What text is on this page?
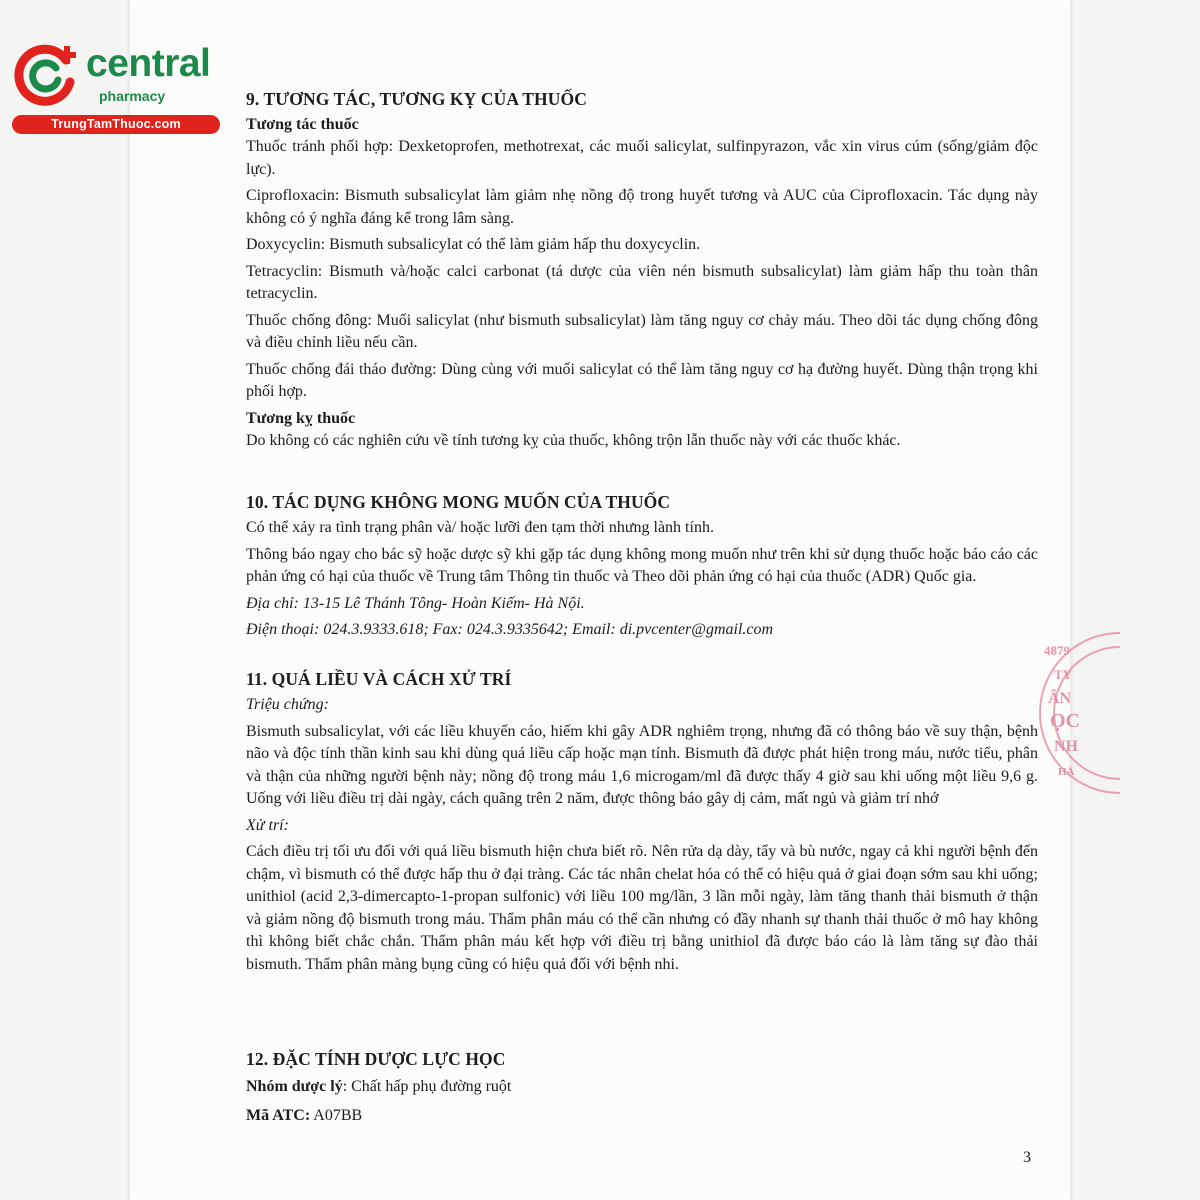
central
pharmacy
TrungTamThuoc.com
4879
TY
ÂN
ỌC
NH
HÀ

9. TƯƠNG TÁC, TƯƠNG KỴ CỦA THUỐC

Tương tác thuốc

Thuốc tránh phối hợp: Dexketoprofen, methotrexat, các muối salicylat, sulfinpyrazon, vắc xin virus cúm (sống/giảm độc lực).

Ciprofloxacin: Bismuth subsalicylat làm giảm nhẹ nồng độ trong huyết tương và AUC của Ciprofloxacin. Tác dụng này không có ý nghĩa đáng kể trong lâm sàng.

Doxycyclin: Bismuth subsalicylat có thể làm giảm hấp thu doxycyclin.

Tetracyclin: Bismuth và/hoặc calci carbonat (tá dược của viên nén bismuth subsalicylat) làm giảm hấp thu toàn thân tetracyclin.

Thuốc chống đông: Muối salicylat (như bismuth subsalicylat) làm tăng nguy cơ chảy máu. Theo dõi tác dụng chống đông và điều chỉnh liều nếu cần.

Thuốc chống đái tháo đường: Dùng cùng với muối salicylat có thể làm tăng nguy cơ hạ đường huyết. Dùng thận trọng khi phối hợp.

Tương kỵ thuốc

Do không có các nghiên cứu về tính tương kỵ của thuốc, không trộn lẫn thuốc này với các thuốc khác.

10. TÁC DỤNG KHÔNG MONG MUỐN CỦA THUỐC

Có thể xảy ra tình trạng phân và/ hoặc lưỡi đen tạm thời nhưng lành tính.

Thông báo ngay cho bác sỹ hoặc dược sỹ khi gặp tác dụng không mong muốn như trên khi sử dụng thuốc hoặc báo cáo các phản ứng có hại của thuốc về Trung tâm Thông tin thuốc và Theo dõi phản ứng có hại của thuốc (ADR) Quốc gia.

Địa chỉ: 13-15 Lê Thánh Tông- Hoàn Kiếm- Hà Nội.

Điện thoại: 024.3.9333.618; Fax: 024.3.9335642; Email: di.pvcenter@gmail.com

11. QUÁ LIỀU VÀ CÁCH XỬ TRÍ

Triệu chứng:

Bismuth subsalicylat, với các liều khuyến cáo, hiếm khi gây ADR nghiêm trọng, nhưng đã có thông báo về suy thận, bệnh não và độc tính thần kinh sau khi dùng quá liều cấp hoặc mạn tính. Bismuth đã được phát hiện trong máu, nước tiểu, phân và thận của những người bệnh này; nồng độ trong máu 1,6 microgam/ml đã được thấy 4 giờ sau khi uống một liều 9,6 g. Uống với liều điều trị dài ngày, cách quãng trên 2 năm, được thông báo gây dị cảm, mất ngủ và giảm trí nhớ

Xử trí:

Cách điều trị tối ưu đối với quá liều bismuth hiện chưa biết rõ. Nên rửa dạ dày, tẩy và bù nước, ngay cả khi người bệnh đến chậm, vì bismuth có thể được hấp thu ở đại tràng. Các tác nhân chelat hóa có thể có hiệu quả ở giai đoạn sớm sau khi uống; unithiol (acid 2,3-dimercapto-1-propan sulfonic) với liều 100 mg/lần, 3 lần mỗi ngày, làm tăng thanh thải bismuth ở thận và giảm nồng độ bismuth trong máu. Thẩm phân máu có thể cần nhưng có đầy nhanh sự thanh thải thuốc ở mô hay không thì không biết chắc chắn. Thẩm phân máu kết hợp với điều trị bằng unithiol đã được báo cáo là làm tăng sự đào thải bismuth. Thẩm phân màng bụng cũng có hiệu quả đối với bệnh nhi.

12. ĐẶC TÍNH DƯỢC LỰC HỌC

Nhóm dược lý: Chất hấp phụ đường ruột

Mã ATC: A07BB

3
